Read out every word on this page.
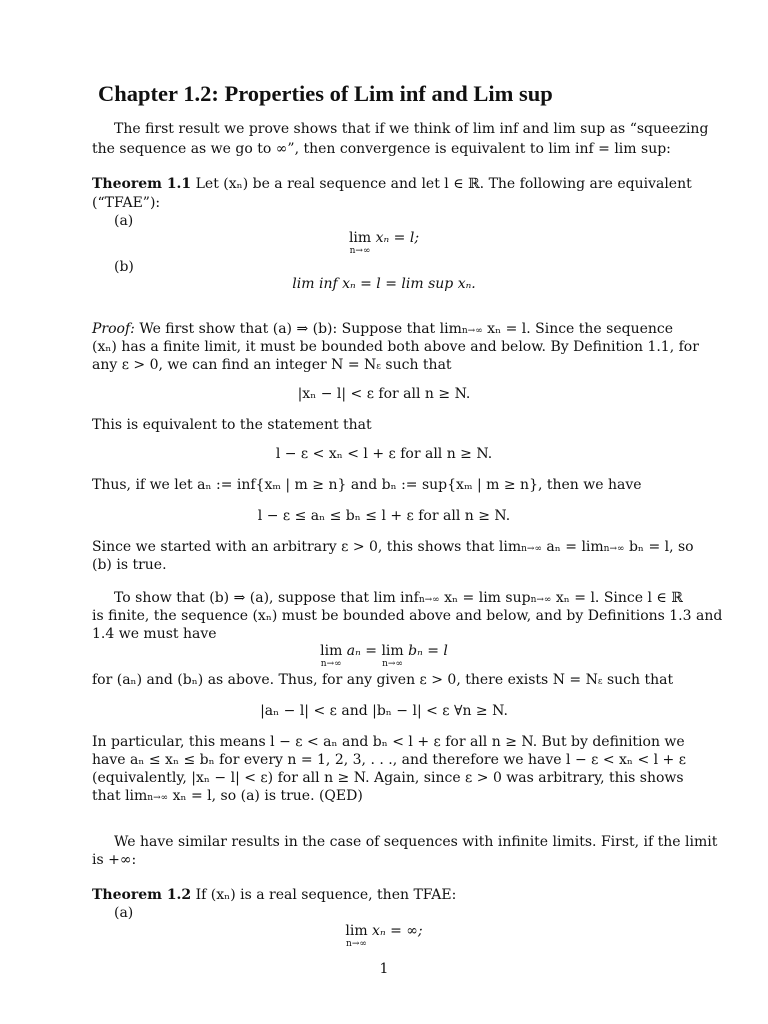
Chapter 1.2: Properties of Lim inf and Lim sup
The first result we prove shows that if we think of lim inf and lim sup as “squeezing
the sequence as we go to ∞”, then convergence is equivalent to lim inf = lim sup:
Theorem 1.1 Let (xₙ) be a real sequence and let l ∈ ℝ. The following are equivalent
(“TFAE”):
(a)
lim
n→∞
xₙ = l;
(b)
lim inf xₙ = l = lim sup xₙ.
Proof: We first show that (a) ⇒ (b): Suppose that limn→∞ xₙ = l. Since the sequence
(xₙ) has a finite limit, it must be bounded both above and below. By Definition 1.1, for
any ε > 0, we can find an integer N = Nε such that
|xₙ − l| < ε for all n ≥ N.
This is equivalent to the statement that
l − ε < xₙ < l + ε for all n ≥ N.
Thus, if we let aₙ := inf{xₘ | m ≥ n} and bₙ := sup{xₘ | m ≥ n}, then we have
l − ε ≤ aₙ ≤ bₙ ≤ l + ε for all n ≥ N.
Since we started with an arbitrary ε > 0, this shows that limn→∞ aₙ = limn→∞ bₙ = l, so
(b) is true.
To show that (b) ⇒ (a), suppose that lim infn→∞ xₙ = lim supn→∞ xₙ = l. Since l ∈ ℝ
is finite, the sequence (xₙ) must be bounded above and below, and by Definitions 1.3 and
1.4 we must have
lim
n→∞
aₙ = lim
n→∞
bₙ = l
for (aₙ) and (bₙ) as above. Thus, for any given ε > 0, there exists N = Nε such that
|aₙ − l| < ε and |bₙ − l| < ε ∀n ≥ N.
In particular, this means l − ε < aₙ and bₙ < l + ε for all n ≥ N. But by definition we
have aₙ ≤ xₙ ≤ bₙ for every n = 1, 2, 3, . . ., and therefore we have l − ε < xₙ < l + ε
(equivalently, |xₙ − l| < ε) for all n ≥ N. Again, since ε > 0 was arbitrary, this shows
that limn→∞ xₙ = l, so (a) is true. (QED)
We have similar results in the case of sequences with infinite limits. First, if the limit
is +∞:
Theorem 1.2 If (xₙ) is a real sequence, then TFAE:
(a)
lim
n→∞
xₙ = ∞;
1
